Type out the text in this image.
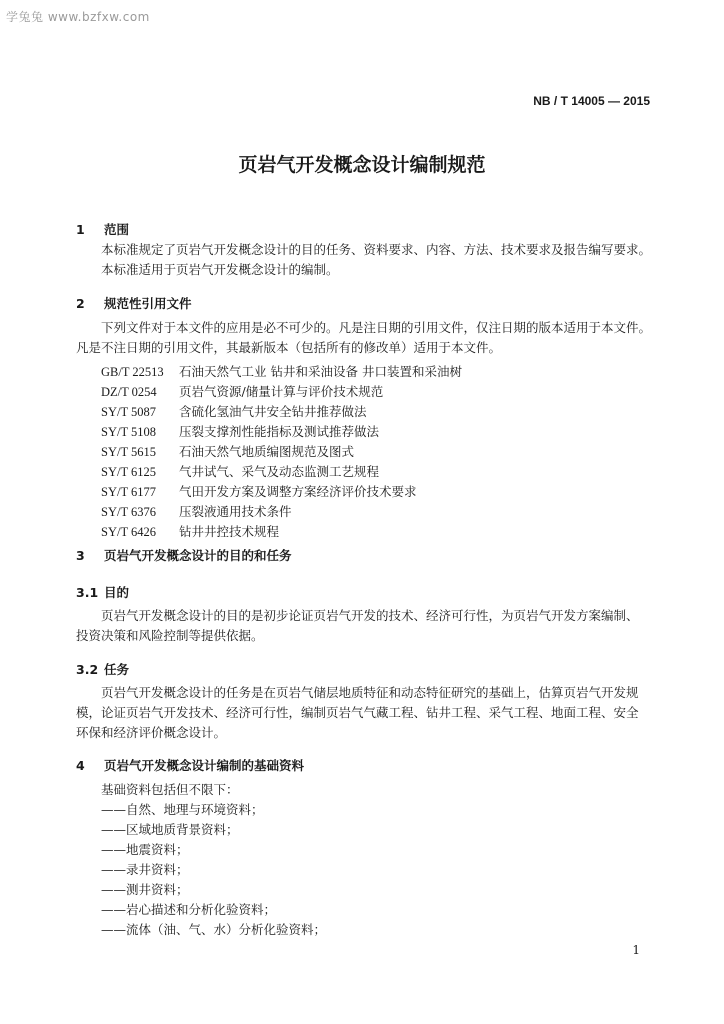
学兔兔 www.bzfxw.com
NB / T 14005 — 2015
页岩气开发概念设计编制规范
1 范围
本标准规定了页岩气开发概念设计的目的任务、资料要求、内容、方法、技术要求及报告编写要求。
本标准适用于页岩气开发概念设计的编制。
2 规范性引用文件
下列文件对于本文件的应用是必不可少的。凡是注日期的引用文件，仅注日期的版本适用于本文件。
凡是不注日期的引用文件，其最新版本（包括所有的修改单）适用于本文件。
GB/T 22513 石油天然气工业 钻井和采油设备 井口装置和采油树
DZ/T 0254 页岩气资源/储量计算与评价技术规范
SY/T 5087 含硫化氢油气井安全钻井推荐做法
SY/T 5108 压裂支撑剂性能指标及测试推荐做法
SY/T 5615 石油天然气地质编图规范及图式
SY/T 6125 气井试气、采气及动态监测工艺规程
SY/T 6177 气田开发方案及调整方案经济评价技术要求
SY/T 6376 压裂液通用技术条件
SY/T 6426 钻井井控技术规程
3 页岩气开发概念设计的目的和任务
3.1 目的
页岩气开发概念设计的目的是初步论证页岩气开发的技术、经济可行性，为页岩气开发方案编制、
投资决策和风险控制等提供依据。
3.2 任务
页岩气开发概念设计的任务是在页岩气储层地质特征和动态特征研究的基础上，估算页岩气开发规
模，论证页岩气开发技术、经济可行性，编制页岩气气藏工程、钻井工程、采气工程、地面工程、安全
环保和经济评价概念设计。
4 页岩气开发概念设计编制的基础资料
基础资料包括但不限下：
——自然、地理与环境资料；
——区域地质背景资料；
——地震资料；
——录井资料；
——测井资料；
——岩心描述和分析化验资料；
——流体（油、气、水）分析化验资料；
1
